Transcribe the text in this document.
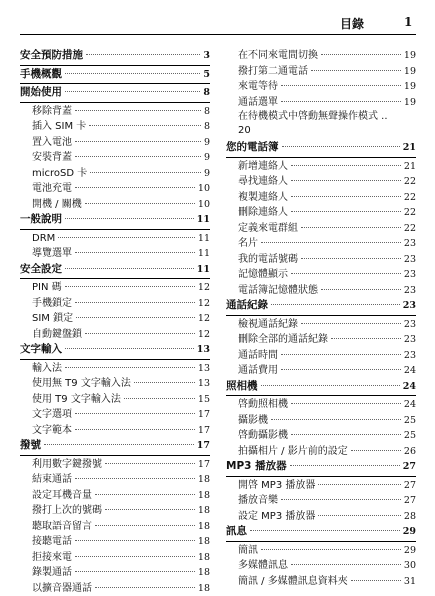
目錄	1
安全預防措施	3
手機概觀	5
開始使用	8
移除背蓋	8
插入 SIM 卡	8
置入電池	9
安裝背蓋	9
microSD 卡	9
電池充電	10
開機 / 關機	10
一般說明	11
DRM	11
導覽選單	11
安全設定	11
PIN 碼	12
手機鎖定	12
SIM 鎖定	12
自動鍵盤鎖	12
文字輸入	13
輸入法	13
使用無 T9 文字輸入法	13
使用 T9 文字輸入法	15
文字選項	17
文字範本	17
撥號	17
利用數字鍵撥號	17
結束通話	18
設定耳機音量	18
撥打上次的號碼	18
聽取語音留言	18
接聽電話	18
拒接來電	18
錄製通話	18
以擴音器通話	18
在不同來電間切換	19
撥打第二通電話	19
來電等待	19
通話選單	19
在待機模式中啓動無聲操作模式 ..
20
您的電話簿	21
新增連絡人	21
尋找連絡人	22
複製連絡人	22
刪除連絡人	22
定義來電群組	22
名片	23
我的電話號碼	23
記憶體顯示	23
電話簿記憶體狀態	23
通話紀錄	23
檢視通話紀錄	23
刪除全部的通話紀錄	23
通話時間	23
通話費用	24
照相機	24
啓動照相機	24
攝影機	25
啓動攝影機	25
拍攝相片 / 影片前的設定	26
MP3 播放器	27
開啓 MP3 播放器	27
播放音樂	27
設定 MP3 播放器	28
訊息	29
簡訊	29
多媒體訊息	30
簡訊 / 多媒體訊息資料夾	31
